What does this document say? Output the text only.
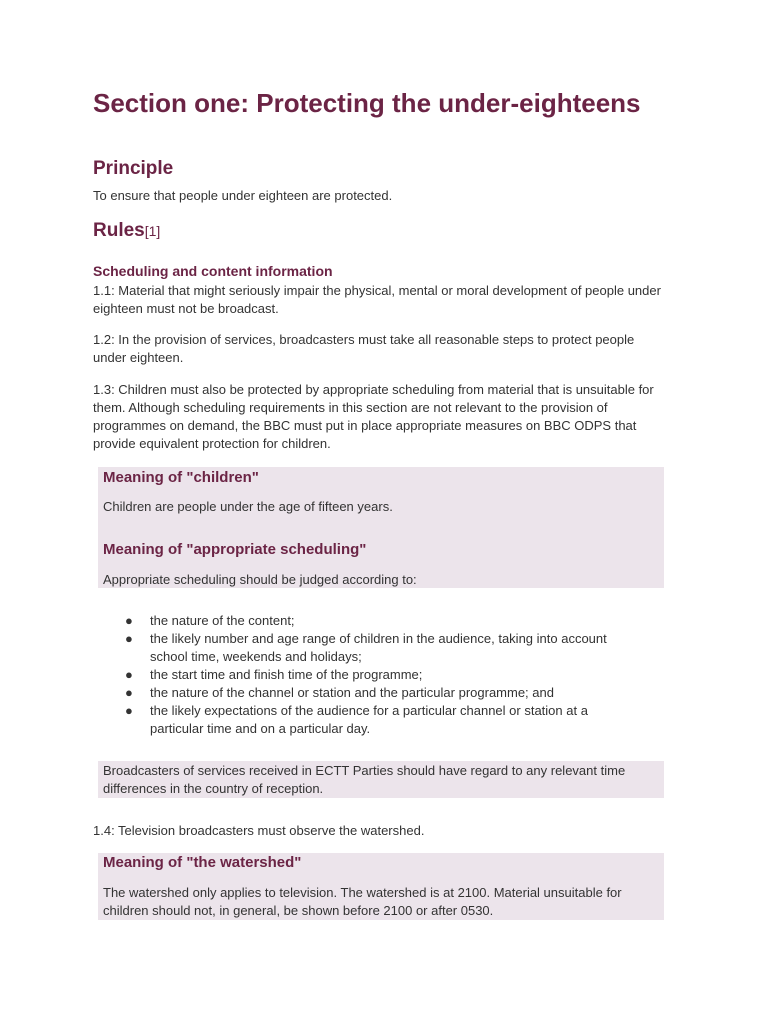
Section one: Protecting the under-eighteens
Principle

To ensure that people under eighteen are protected.

Rules[1]
Scheduling and content information

1.1: Material that might seriously impair the physical, mental or moral development of people under eighteen must not be broadcast.

1.2: In the provision of services, broadcasters must take all reasonable steps to protect people under eighteen.

1.3: Children must also be protected by appropriate scheduling from material that is unsuitable for them. Although scheduling requirements in this section are not relevant to the provision of programmes on demand, the BBC must put in place appropriate measures on BBC ODPS that provide equivalent protection for children.

Meaning of "children"

Children are people under the age of fifteen years.

Meaning of "appropriate scheduling"

Appropriate scheduling should be judged according to:

●	the nature of the content;
●	the likely number and age range of children in the audience, taking into account school time, weekends and holidays;
●	the start time and finish time of the programme;
●	the nature of the channel or station and the particular programme; and
●	the likely expectations of the audience for a particular channel or station at a particular time and on a particular day.

Broadcasters of services received in ECTT Parties should have regard to any relevant time differences in the country of reception.

1.4: Television broadcasters must observe the watershed.

Meaning of "the watershed"

The watershed only applies to television. The watershed is at 2100. Material unsuitable for children should not, in general, be shown before 2100 or after 0530.
